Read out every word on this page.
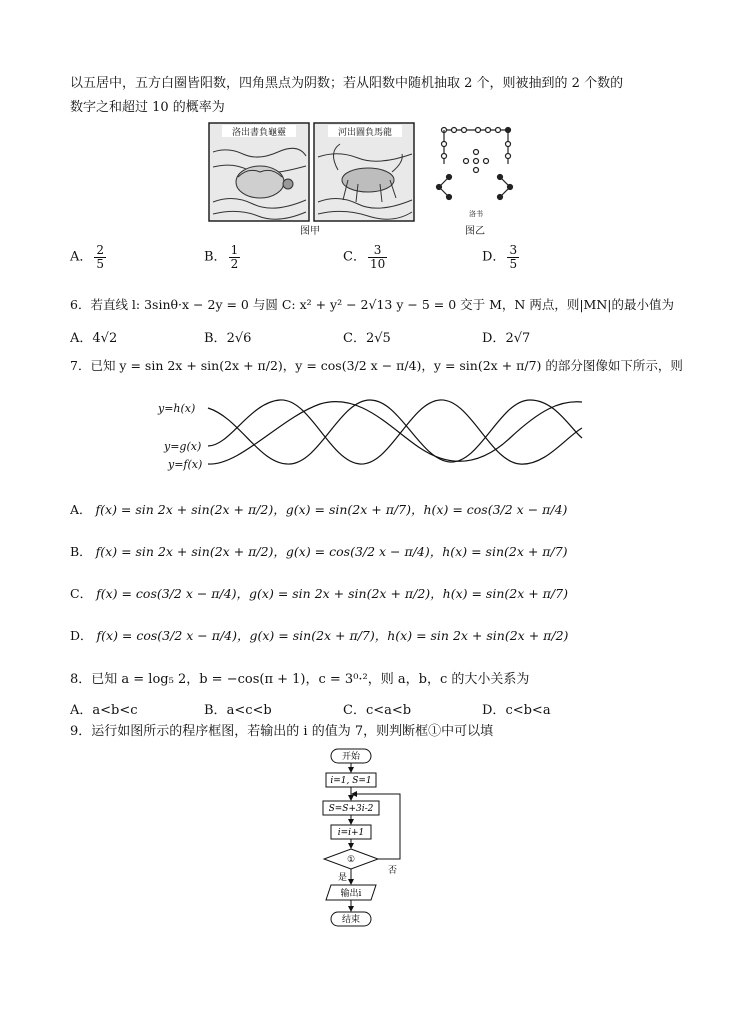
以五居中，五方白圈皆阳数，四角黑点为阴数；若从阳数中随机抽取 2 个，则被抽到的 2 个数的
数字之和超过 10 的概率为
洛出書負龜靈	河出圖負馬龍
洛书
图甲	图乙
A． $\frac{2}{5}$	B． $\frac{1}{2}$	C． $\frac{3}{10}$	D． $\frac{3}{5}$
6．若直线 l: 3sinθ·x − 2y = 0 与圆 C: x² + y² − 2√13 y − 5 = 0 交于 M，N 两点，则|MN|的最小值为
A．4√2	B．2√6	C．2√5	D．2√7
7．已知 y = sin 2x + sin(2x + π/2)，y = cos(3/2 x − π/4)，y = sin(2x + π/7) 的部分图像如下所示，则
y=h(x)
y=g(x)
y=f(x)
A． f(x) = sin 2x + sin(2x + π/2)，g(x) = sin(2x + π/7)，h(x) = cos(3/2 x − π/4)
B． f(x) = sin 2x + sin(2x + π/2)，g(x) = cos(3/2 x − π/4)，h(x) = sin(2x + π/7)
C． f(x) = cos(3/2 x − π/4)，g(x) = sin 2x + sin(2x + π/2)，h(x) = sin(2x + π/7)
D． f(x) = cos(3/2 x − π/4)，g(x) = sin(2x + π/7)，h(x) = sin 2x + sin(2x + π/2)
8．已知 a = log₅ 2，b = −cos(π + 1)，c = 3⁰·²，则 a，b，c 的大小关系为
A．a<b<c	B．a<c<b	C．c<a<b	D．c<b<a
9．运行如图所示的程序框图，若输出的 i 的值为 7，则判断框①中可以填
开始
i=1, S=1
S=S+3i-2
i=i+1
①
否
是
输出i
结束
